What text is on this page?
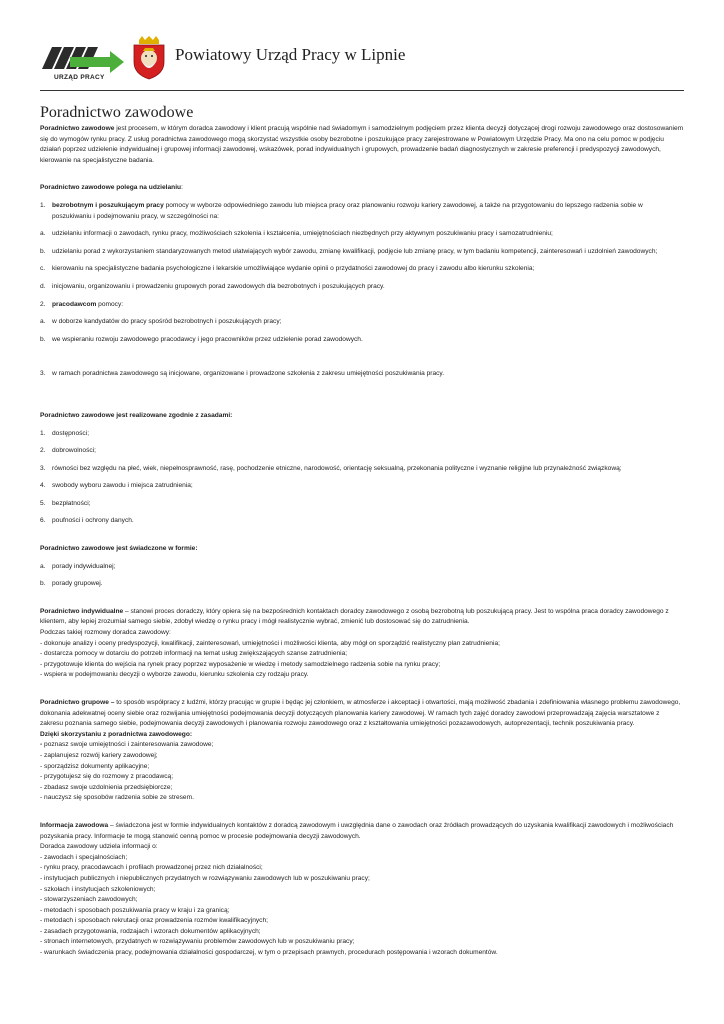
URZĄD PRACY
Powiatowy Urząd Pracy w Lipnie
Poradnictwo zawodowe

Poradnictwo zawodowe jest procesem, w którym doradca zawodowy i klient pracują wspólnie nad świadomym i samodzielnym podjęciem przez klienta decyzji dotyczącej drogi rozwoju zawodowego oraz dostosowaniem się do wymogów rynku pracy. Z usług poradnictwa zawodowego mogą skorzystać wszystkie osoby bezrobotne i poszukujące pracy zarejestrowane w Powiatowym Urzędzie Pracy. Ma ono na celu pomoc w podjęciu działań poprzez udzielenie indywidualnej i grupowej informacji zawodowej, wskazówek, porad indywidualnych i grupowych, prowadzenie badań diagnostycznych w zakresie preferencji i predyspozycji zawodowych, kierowanie na specjalistyczne badania.

Poradnictwo zawodowe polega na udzielaniu:

1. bezrobotnym i poszukującym pracy pomocy w wyborze odpowiedniego zawodu lub miejsca pracy oraz planowaniu rozwoju kariery zawodowej, a także na przygotowaniu do lepszego radzenia sobie w poszukiwaniu i podejmowaniu pracy, w szczególności na:
a. udzielaniu informacji o zawodach, rynku pracy, możliwościach szkolenia i kształcenia, umiejętnościach niezbędnych przy aktywnym poszukiwaniu pracy i samozatrudnieniu;
b. udzielaniu porad z wykorzystaniem standaryzowanych metod ułatwiających wybór zawodu, zmianę kwalifikacji, podjęcie lub zmianę pracy, w tym badaniu kompetencji, zainteresowań i uzdolnień zawodowych;
c. kierowaniu na specjalistyczne badania psychologiczne i lekarskie umożliwiające wydanie opinii o przydatności zawodowej do pracy i zawodu albo kierunku szkolenia;
d. inicjowaniu, organizowaniu i prowadzeniu grupowych porad zawodowych dla bezrobotnych i poszukujących pracy.
2. pracodawcom pomocy:
a. w doborze kandydatów do pracy spośród bezrobotnych i poszukujących pracy;
b. we wspieraniu rozwoju zawodowego pracodawcy i jego pracowników przez udzielenie porad zawodowych.
3. w ramach poradnictwa zawodowego są inicjowane, organizowane i prowadzone szkolenia z zakresu umiejętności poszukiwania pracy.

Poradnictwo zawodowe jest realizowane zgodnie z zasadami:

1. dostępności;
2. dobrowolności;
3. równości bez względu na płeć, wiek, niepełnosprawność, rasę, pochodzenie etniczne, narodowość, orientację seksualną, przekonania polityczne i wyznanie religijne lub przynależność związkową;
4. swobody wyboru zawodu i miejsca zatrudnienia;
5. bezpłatności;
6. poufności i ochrony danych.

Poradnictwo zawodowe jest świadczone w formie:

a. porady indywidualnej;
b. porady grupowej.

Poradnictwo indywidualne – stanowi proces doradczy, który opiera się na bezpośrednich kontaktach doradcy zawodowego z osobą bezrobotną lub poszukującą pracy. Jest to wspólna praca doradcy zawodowego z klientem, aby lepiej zrozumiał samego siebie, zdobył wiedzę o rynku pracy i mógł realistycznie wybrać, zmienić lub dostosować się do zatrudnienia.

Podczas takiej rozmowy doradca zawodowy:

- dokonuje analizy i oceny predyspozycji, kwalifikacji, zainteresowań, umiejętności i możliwości klienta, aby mógł on sporządzić realistyczny plan zatrudnienia;

- dostarcza pomocy w dotarciu do potrzeb informacji na temat usług zwiększających szanse zatrudnienia;

- przygotowuje klienta do wejścia na rynek pracy poprzez wyposażenie w wiedzę i metody samodzielnego radzenia sobie na rynku pracy;

- wspiera w podejmowaniu decyzji o wyborze zawodu, kierunku szkolenia czy rodzaju pracy.

Poradnictwo grupowe – to sposób współpracy z ludźmi, którzy pracując w grupie i będąc jej członkiem, w atmosferze i akceptacji i otwartości, mają możliwość zbadania i zdefiniowania własnego problemu zawodowego, dokonania adekwatnej oceny siebie oraz rozwijania umiejętności podejmowania decyzji dotyczących planowania kariery zawodowej. W ramach tych zajęć doradcy zawodowi przeprowadzają zajęcia warsztatowe z zakresu poznania samego siebie, podejmowania decyzji zawodowych i planowania rozwoju zawodowego oraz z kształtowania umiejętności pozazawodowych, autoprezentacji, technik poszukiwania pracy.

Dzięki skorzystaniu z poradnictwa zawodowego:

- poznasz swoje umiejętności i zainteresowania zawodowe;

- zaplanujesz rozwój kariery zawodowej;

- sporządzisz dokumenty aplikacyjne;

- przygotujesz się do rozmowy z pracodawcą;

- zbadasz swoje uzdolnienia przedsiębiorcze;

- nauczysz się sposobów radzenia sobie ze stresem.

Informacja zawodowa – świadczona jest w formie indywidualnych kontaktów z doradcą zawodowym i uwzględnia dane o zawodach oraz źródłach prowadzących do uzyskania kwalifikacji zawodowych i możliwościach pozyskania pracy. Informacje te mogą stanowić cenną pomoc w procesie podejmowania decyzji zawodowych.

Doradca zawodowy udziela informacji o:

- zawodach i specjalnościach;

- rynku pracy, pracodawcach i profilach prowadzonej przez nich działalności;

- instytucjach publicznych i niepublicznych przydatnych w rozwiązywaniu zawodowych lub w poszukiwaniu pracy;

- szkołach i instytucjach szkoleniowych;

- stowarzyszeniach zawodowych;

- metodach i sposobach poszukiwania pracy w kraju i za granicą;

- metodach i sposobach rekrutacji oraz prowadzenia rozmów kwalifikacyjnych;

- zasadach przygotowania, rodzajach i wzorach dokumentów aplikacyjnych;

- stronach internetowych, przydatnych w rozwiązywaniu problemów zawodowych lub w poszukiwaniu pracy;

- warunkach świadczenia pracy, podejmowania działalności gospodarczej, w tym o przepisach prawnych, procedurach postępowania i wzorach dokumentów.
